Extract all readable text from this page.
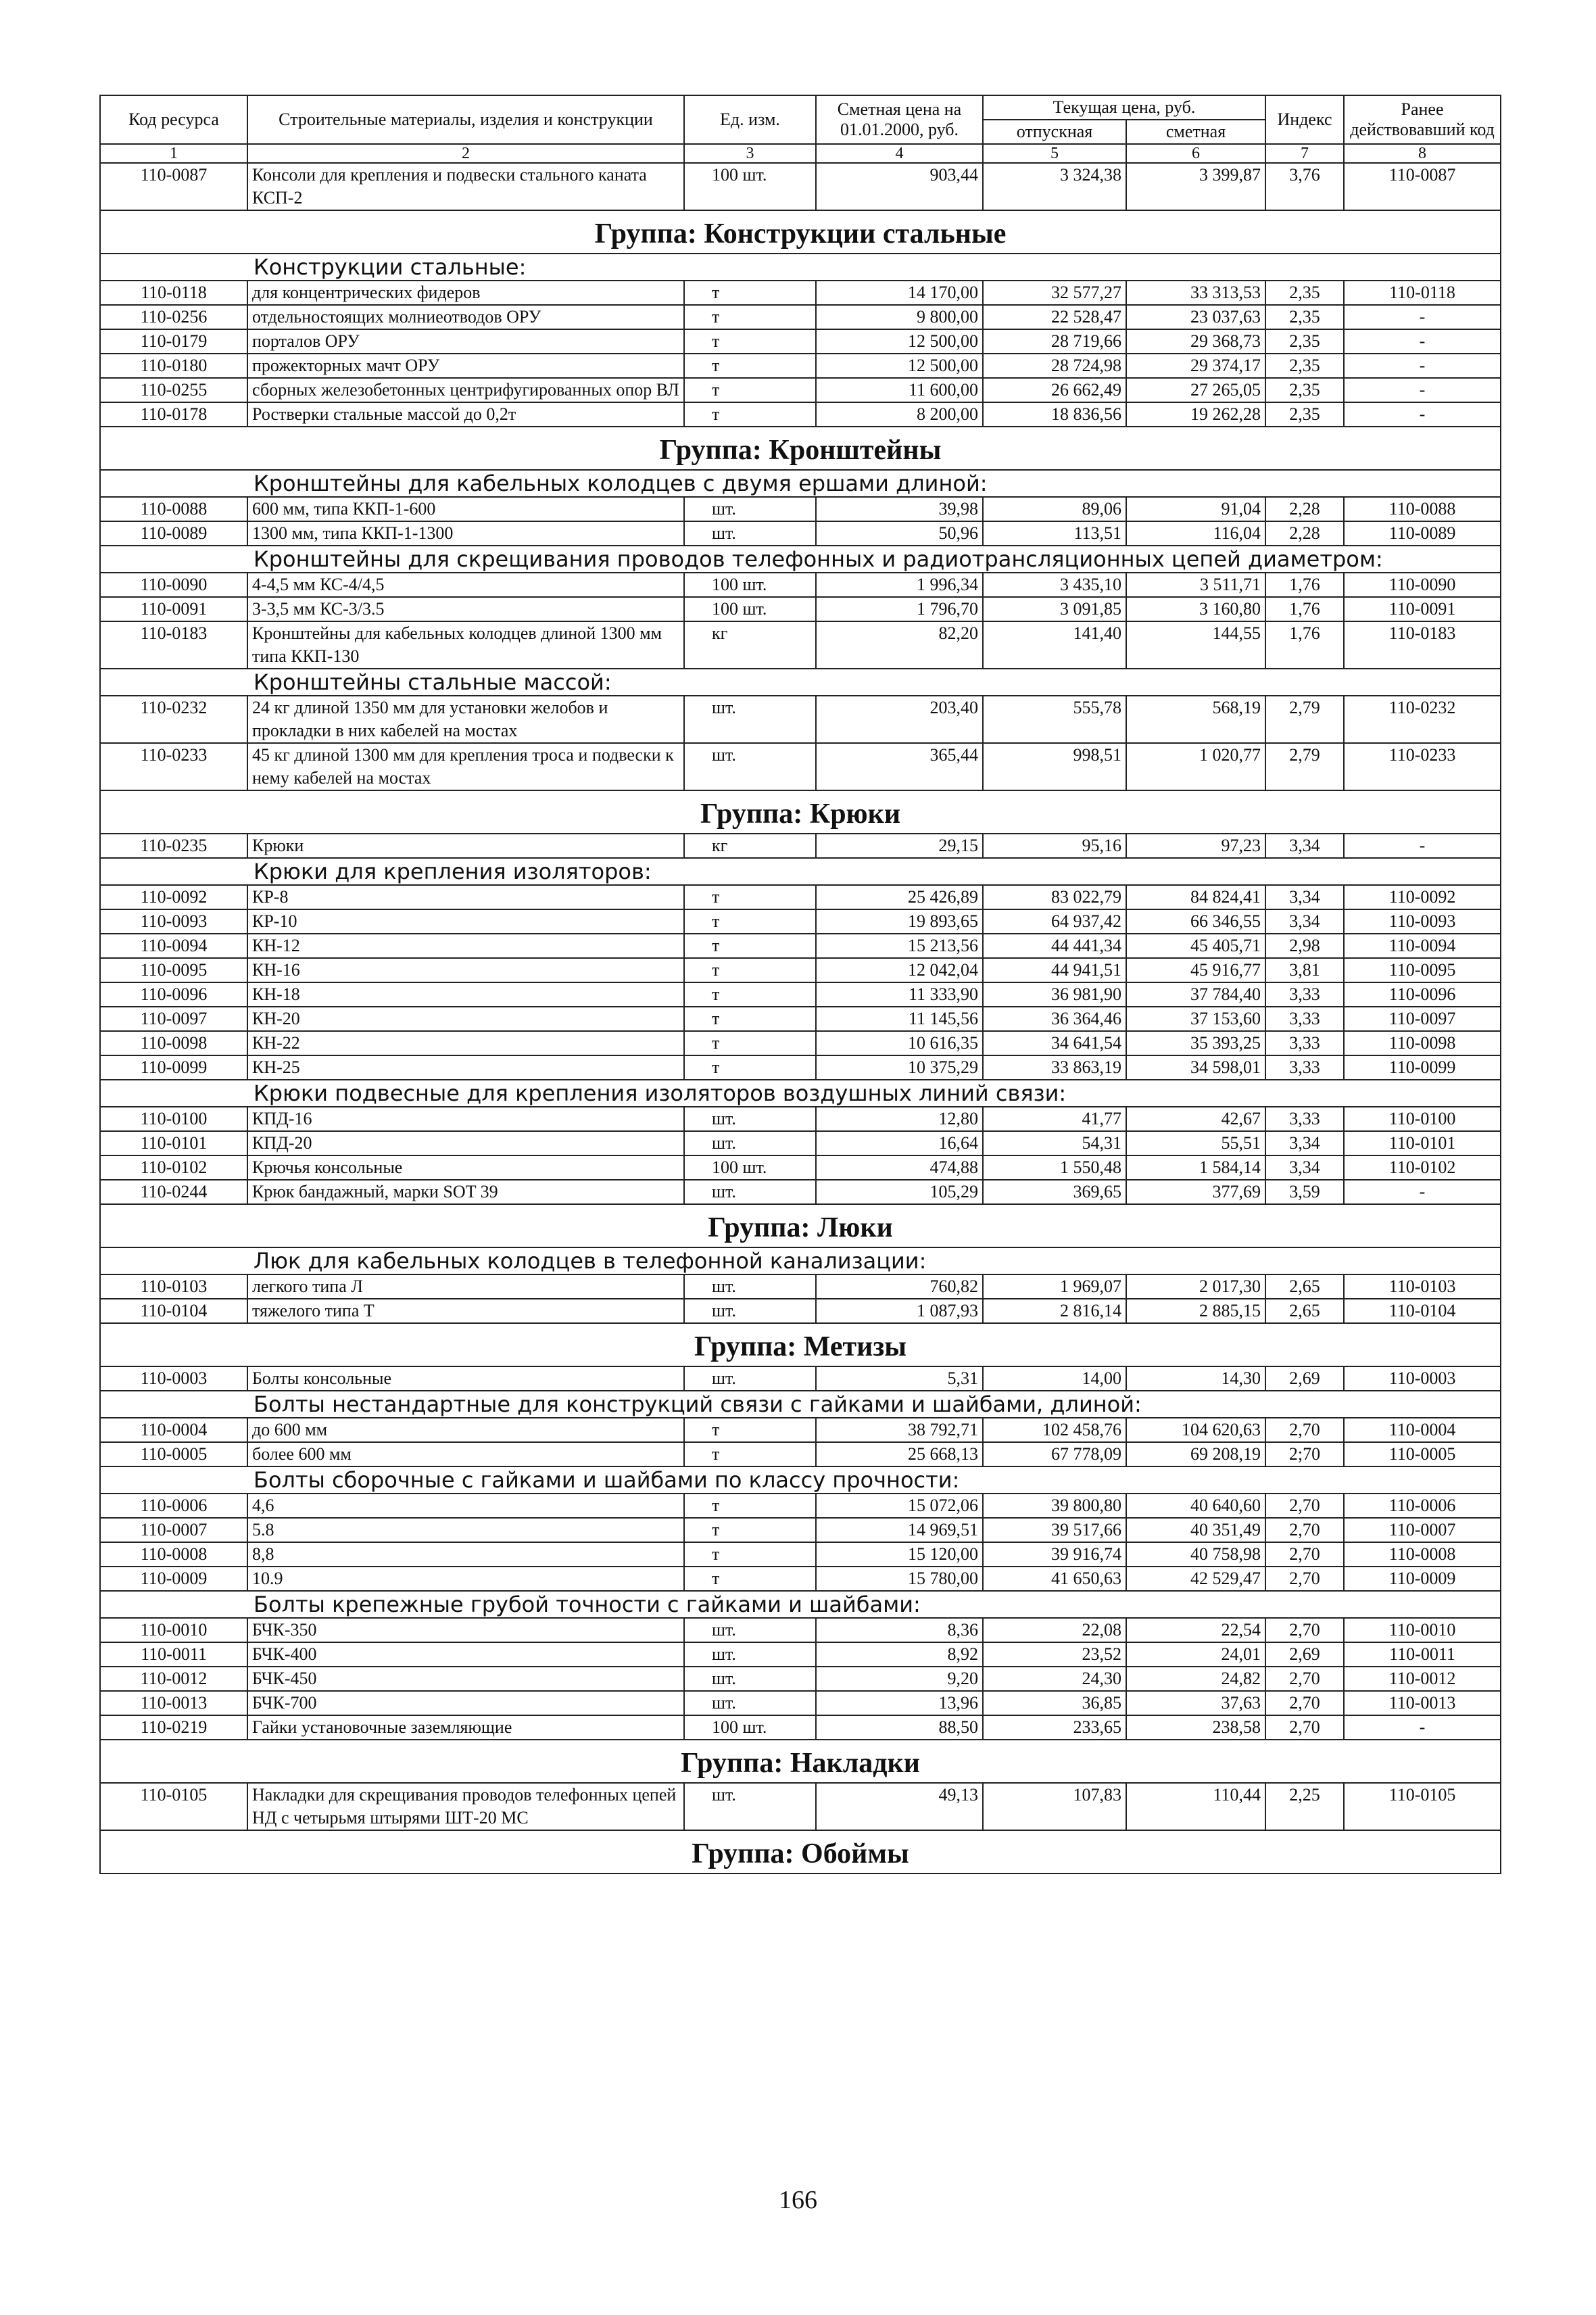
Код ресурса	Строительные материалы, изделия и конструкции	Ед. изм.	Сметная цена на 01.01.2000, руб.	Текущая цена, руб.		Индекс	Ранее действовавший код
				отпускная	сметная		
1	2	3	4	5	6	7	8
110-0087	Консоли для крепления и подвески стального каната КСП-2	100 шт.	903,44	3 324,38	3 399,87	3,76	110-0087
Группа: Конструкции стальные							
Конструкции стальные:							
110-0118	для концентрических фидеров	т	14 170,00	32 577,27	33 313,53	2,35	110-0118
110-0256	отдельностоящих молниеотводов ОРУ	т	9 800,00	22 528,47	23 037,63	2,35	-
110-0179	порталов ОРУ	т	12 500,00	28 719,66	29 368,73	2,35	-
110-0180	прожекторных мачт ОРУ	т	12 500,00	28 724,98	29 374,17	2,35	-
110-0255	сборных железобетонных центрифугированных опор ВЛ	т	11 600,00	26 662,49	27 265,05	2,35	-
110-0178	Ростверки стальные массой до 0,2т	т	8 200,00	18 836,56	19 262,28	2,35	-
Группа: Кронштейны							
Кронштейны для кабельных колодцев с двумя ершами длиной:							
110-0088	600 мм, типа ККП-1-600	шт.	39,98	89,06	91,04	2,28	110-0088
110-0089	1300 мм, типа ККП-1-1300	шт.	50,96	113,51	116,04	2,28	110-0089
Кронштейны для скрещивания проводов телефонных и радиотрансляционных цепей диаметром:							
110-0090	4-4,5 мм КС-4/4,5	100 шт.	1 996,34	3 435,10	3 511,71	1,76	110-0090
110-0091	3-3,5 мм КС-3/3.5	100 шт.	1 796,70	3 091,85	3 160,80	1,76	110-0091
110-0183	Кронштейны для кабельных колодцев длиной 1300 мм типа ККП-130	кг	82,20	141,40	144,55	1,76	110-0183
Кронштейны стальные массой:							
110-0232	24 кг длиной 1350 мм для установки желобов и прокладки в них кабелей на мостах	шт.	203,40	555,78	568,19	2,79	110-0232
110-0233	45 кг длиной 1300 мм для крепления троса и подвески к нему кабелей на мостах	шт.	365,44	998,51	1 020,77	2,79	110-0233
Группа: Крюки							
110-0235	Крюки	кг	29,15	95,16	97,23	3,34	-
Крюки для крепления изоляторов:							
110-0092	КР-8	т	25 426,89	83 022,79	84 824,41	3,34	110-0092
110-0093	КР-10	т	19 893,65	64 937,42	66 346,55	3,34	110-0093
110-0094	КН-12	т	15 213,56	44 441,34	45 405,71	2,98	110-0094
110-0095	КН-16	т	12 042,04	44 941,51	45 916,77	3,81	110-0095
110-0096	КН-18	т	11 333,90	36 981,90	37 784,40	3,33	110-0096
110-0097	КН-20	т	11 145,56	36 364,46	37 153,60	3,33	110-0097
110-0098	КН-22	т	10 616,35	34 641,54	35 393,25	3,33	110-0098
110-0099	КН-25	т	10 375,29	33 863,19	34 598,01	3,33	110-0099
Крюки подвесные для крепления изоляторов воздушных линий связи:							
110-0100	КПД-16	шт.	12,80	41,77	42,67	3,33	110-0100
110-0101	КПД-20	шт.	16,64	54,31	55,51	3,34	110-0101
110-0102	Крючья консольные	100 шт.	474,88	1 550,48	1 584,14	3,34	110-0102
110-0244	Крюк бандажный, марки SOT 39	шт.	105,29	369,65	377,69	3,59	-
Группа: Люки							
Люк для кабельных колодцев в телефонной канализации:							
110-0103	легкого типа Л	шт.	760,82	1 969,07	2 017,30	2,65	110-0103
110-0104	тяжелого типа Т	шт.	1 087,93	2 816,14	2 885,15	2,65	110-0104
Группа: Метизы							
110-0003	Болты консольные	шт.	5,31	14,00	14,30	2,69	110-0003
Болты нестандартные для конструкций связи с гайками и шайбами, длиной:							
110-0004	до 600 мм	т	38 792,71	102 458,76	104 620,63	2,70	110-0004
110-0005	более 600 мм	т	25 668,13	67 778,09	69 208,19	2;70	110-0005
Болты сборочные с гайками и шайбами по классу прочности:							
110-0006	4,6	т	15 072,06	39 800,80	40 640,60	2,70	110-0006
110-0007	5.8	т	14 969,51	39 517,66	40 351,49	2,70	110-0007
110-0008	8,8	т	15 120,00	39 916,74	40 758,98	2,70	110-0008
110-0009	10.9	т	15 780,00	41 650,63	42 529,47	2,70	110-0009
Болты крепежные грубой точности с гайками и шайбами:							
110-0010	БЧК-350	шт.	8,36	22,08	22,54	2,70	110-0010
110-0011	БЧК-400	шт.	8,92	23,52	24,01	2,69	110-0011
110-0012	БЧК-450	шт.	9,20	24,30	24,82	2,70	110-0012
110-0013	БЧК-700	шт.	13,96	36,85	37,63	2,70	110-0013
110-0219	Гайки установочные заземляющие	100 шт.	88,50	233,65	238,58	2,70	-
Группа: Накладки							
110-0105	Накладки для скрещивания проводов телефонных цепей НД с четырьмя штырями ШТ-20 МС	шт.	49,13	107,83	110,44	2,25	110-0105
Группа: Обоймы							
166
